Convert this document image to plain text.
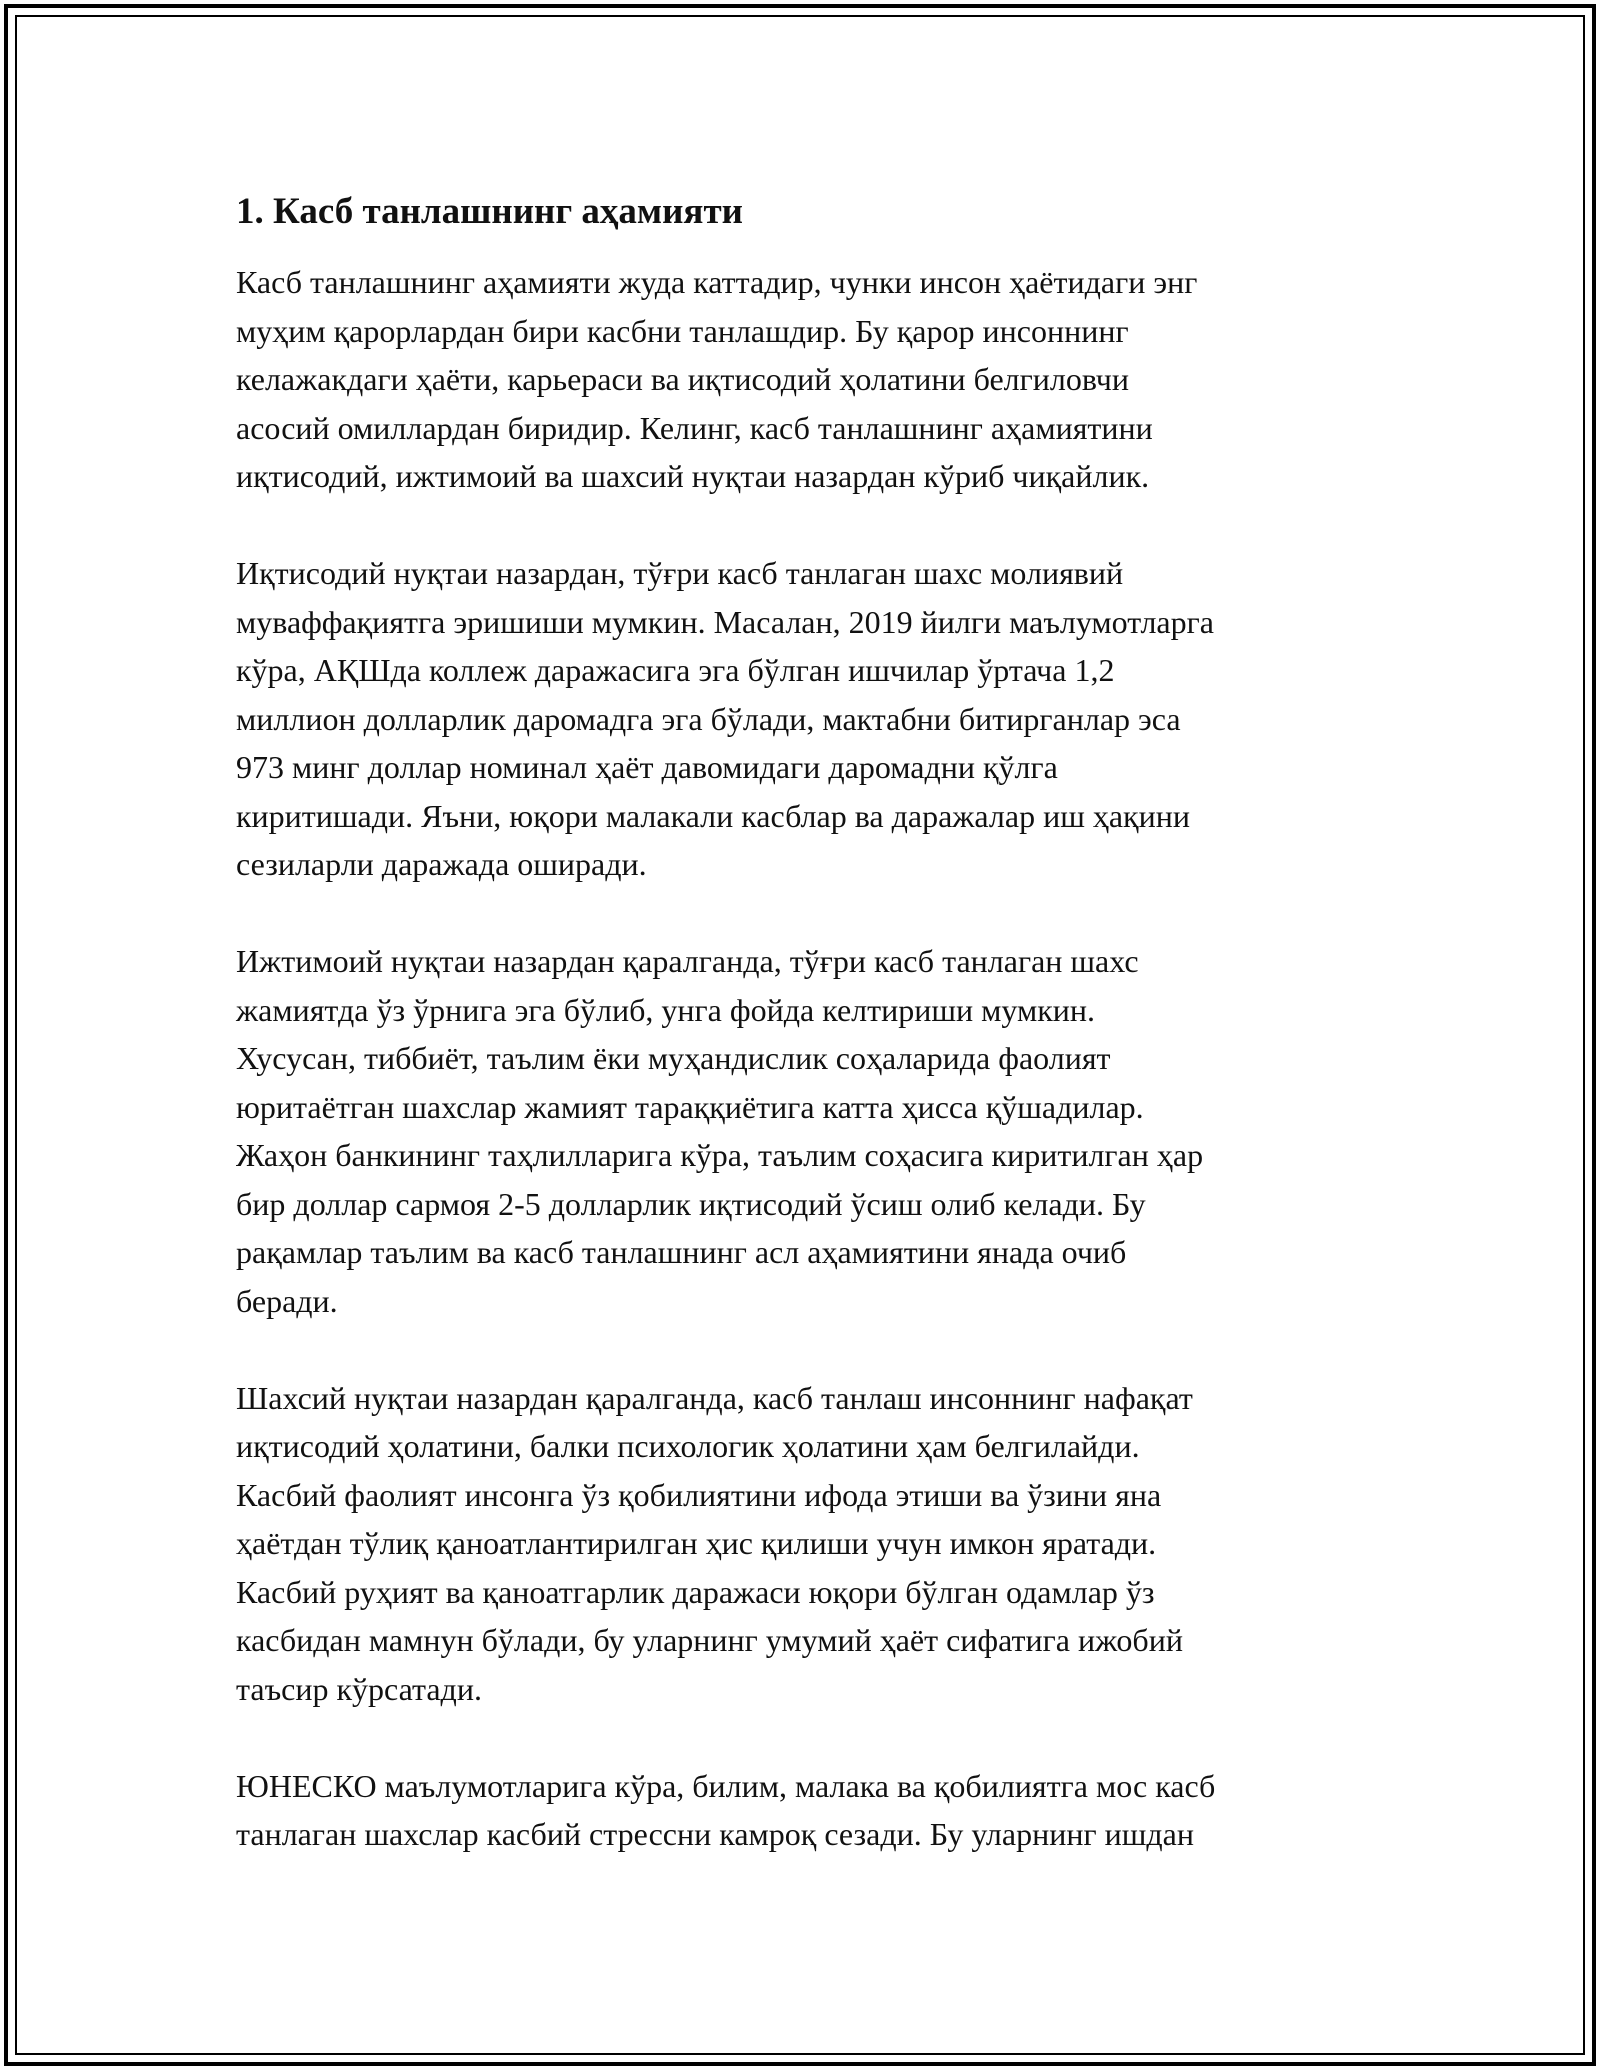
1. Касб танлашнинг аҳамияти
Касб танлашнинг аҳамияти жуда каттадир, чунки инсон ҳаётидаги энг
муҳим қарорлардан бири касбни танлашдир. Бу қарор инсоннинг
келажакдаги ҳаёти, карьераси ва иқтисодий ҳолатини белгиловчи
асосий омиллардан биридир. Келинг, касб танлашнинг аҳамиятини
иқтисодий, ижтимоий ва шахсий нуқтаи назардан кўриб чиқайлик.
Иқтисодий нуқтаи назардан, тўғри касб танлаган шахс молиявий
муваффақиятга эришиши мумкин. Масалан, 2019 йилги маълумотларга
кўра, АҚШда коллеж даражасига эга бўлган ишчилар ўртача 1,2
миллион долларлик даромадга эга бўлади, мактабни битирганлар эса
973 минг доллар номинал ҳаёт давомидаги даромадни қўлга
киритишади. Яъни, юқори малакали касблар ва даражалар иш ҳақини
сезиларли даражада оширади.
Ижтимоий нуқтаи назардан қаралганда, тўғри касб танлаган шахс
жамиятда ўз ўрнига эга бўлиб, унга фойда келтириши мумкин.
Хусусан, тиббиёт, таълим ёки муҳандислик соҳаларида фаолият
юритаётган шахслар жамият тараққиётига катта ҳисса қўшадилар.
Жаҳон банкининг таҳлилларига кўра, таълим соҳасига киритилган ҳар
бир доллар сармоя 2-5 долларлик иқтисодий ўсиш олиб келади. Бу
рақамлар таълим ва касб танлашнинг асл аҳамиятини янада очиб
беради.
Шахсий нуқтаи назардан қаралганда, касб танлаш инсоннинг нафақат
иқтисодий ҳолатини, балки психологик ҳолатини ҳам белгилайди.
Касбий фаолият инсонга ўз қобилиятини ифода этиши ва ўзини яна
ҳаётдан тўлиқ қаноатлантирилган ҳис қилиши учун имкон яратади.
Касбий руҳият ва қаноатгарлик даражаси юқори бўлган одамлар ўз
касбидан мамнун бўлади, бу уларнинг умумий ҳаёт сифатига ижобий
таъсир кўрсатади.
ЮНЕСКО маълумотларига кўра, билим, малака ва қобилиятга мос касб
танлаган шахслар касбий стрессни камроқ сезади. Бу уларнинг ишдан
